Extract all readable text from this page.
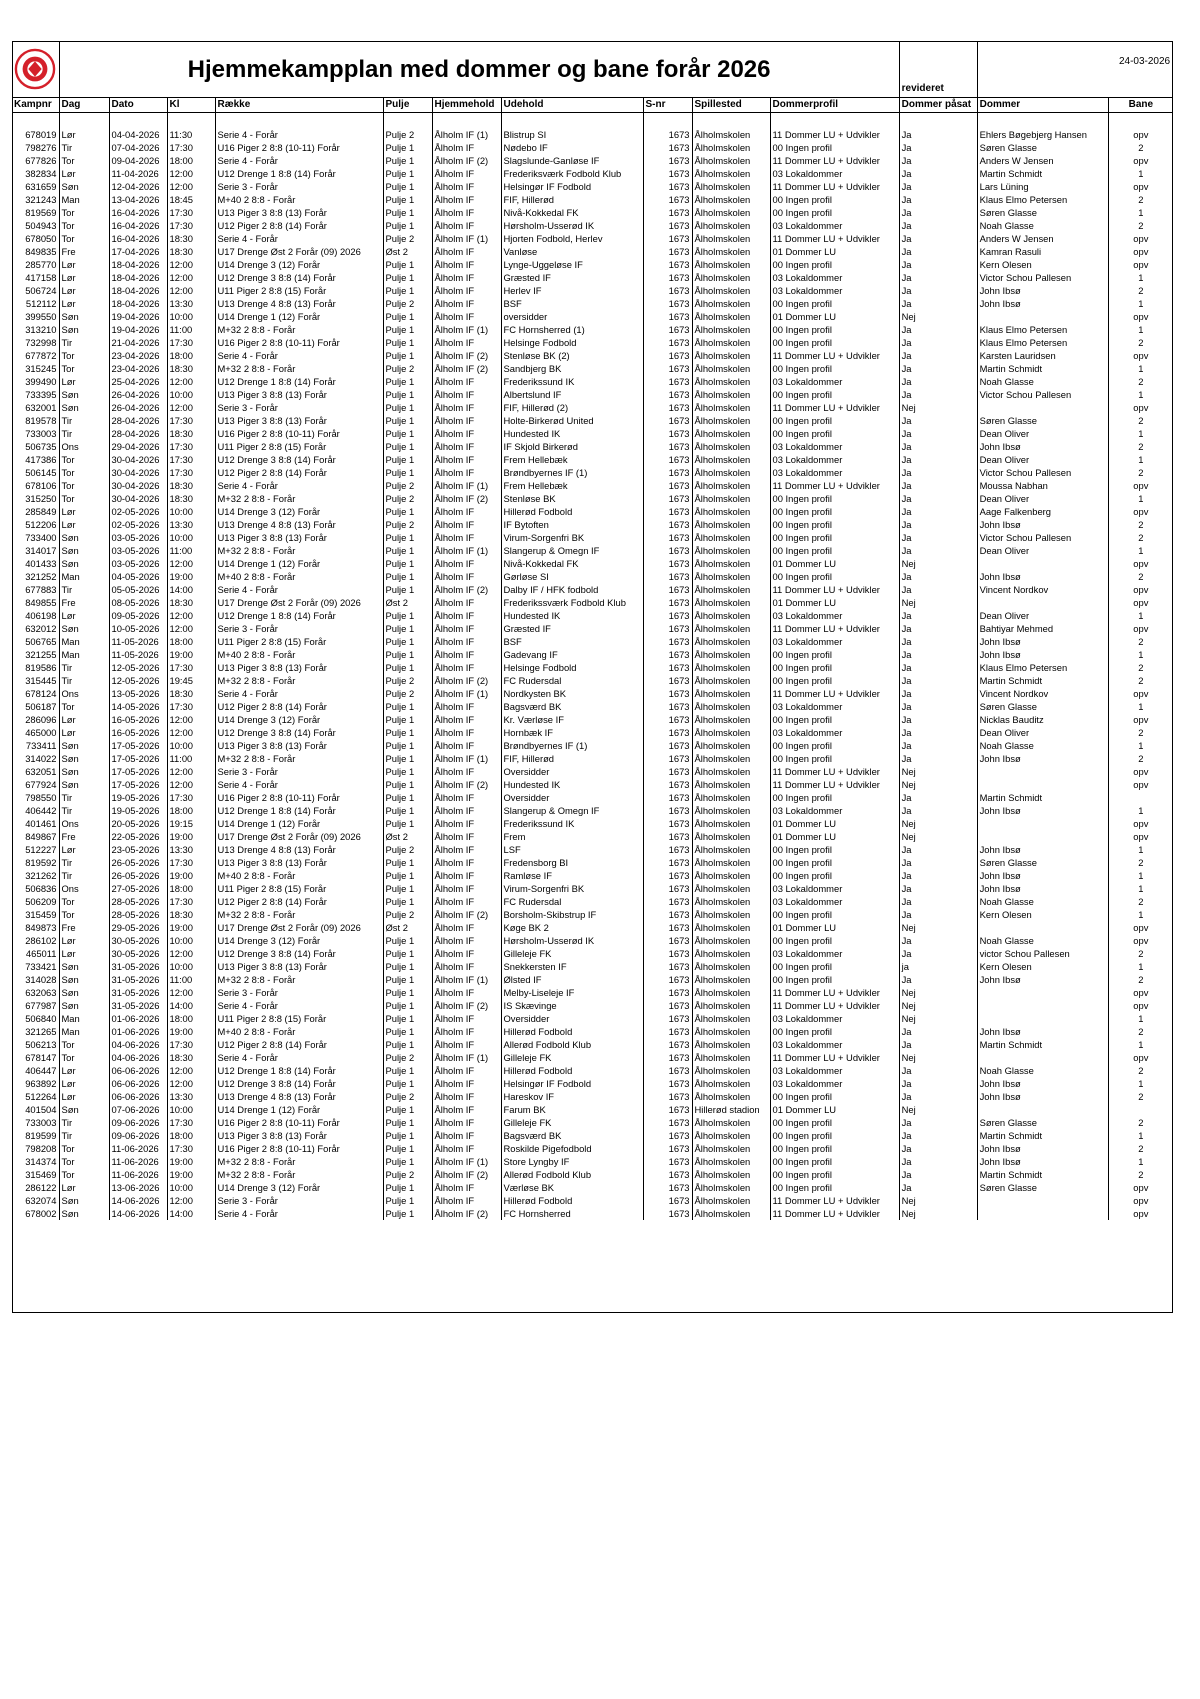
	Hjemmekampplan med dommer og bane forår 2026										revideret	24-03-2026	
Kampnr	Dag	Dato	Kl	Række	Pulje	Hjemmehold	Udehold	S-nr	Spillested	Dommerprofil	Dommer påsat	Dommer	Bane
678019	Lør	04-04-2026	11:30	Serie 4 - Forår	Pulje 2	Ålholm IF (1)	Blistrup SI	1673	Ålholmskolen	11 Dommer LU + Udvikler	Ja	Ehlers Bøgebjerg Hansen	opv
798276	Tir	07-04-2026	17:30	U16 Piger 2 8:8 (10-11) Forår	Pulje 1	Ålholm IF	Nødebo IF	1673	Ålholmskolen	00 Ingen profil	Ja	Søren Glasse	2
677826	Tor	09-04-2026	18:00	Serie 4 - Forår	Pulje 1	Ålholm IF (2)	Slagslunde-Ganløse IF	1673	Ålholmskolen	11 Dommer LU + Udvikler	Ja	Anders W Jensen	opv
382834	Lør	11-04-2026	12:00	U12 Drenge 1 8:8 (14) Forår	Pulje 1	Ålholm IF	Frederiksværk Fodbold Klub	1673	Ålholmskolen	03 Lokaldommer	Ja	Martin Schmidt	1
631659	Søn	12-04-2026	12:00	Serie 3 - Forår	Pulje 1	Ålholm IF	Helsingør IF Fodbold	1673	Ålholmskolen	11 Dommer LU + Udvikler	Ja	Lars Lüning	opv
321243	Man	13-04-2026	18:45	M+40 2 8:8 - Forår	Pulje 1	Ålholm IF	FIF, Hillerød	1673	Ålholmskolen	00 Ingen profil	Ja	Klaus Elmo Petersen	2
819569	Tor	16-04-2026	17:30	U13 Piger 3 8:8 (13) Forår	Pulje 1	Ålholm IF	Nivå-Kokkedal FK	1673	Ålholmskolen	00 Ingen profil	Ja	Søren Glasse	1
504943	Tor	16-04-2026	17:30	U12 Piger 2 8:8 (14) Forår	Pulje 1	Ålholm IF	Hørsholm-Usserød IK	1673	Ålholmskolen	03 Lokaldommer	Ja	Noah Glasse	2
678050	Tor	16-04-2026	18:30	Serie 4 - Forår	Pulje 2	Ålholm IF (1)	Hjorten Fodbold, Herlev	1673	Ålholmskolen	11 Dommer LU + Udvikler	Ja	Anders W Jensen	opv
849835	Fre	17-04-2026	18:30	U17 Drenge Øst 2 Forår (09) 2026	Øst 2	Ålholm IF	Vanløse	1673	Ålholmskolen	01 Dommer LU	Ja	Kamran Rasuli	opv
285770	Lør	18-04-2026	12:00	U14 Drenge 3 (12) Forår	Pulje 1	Ålholm IF	Lynge-Uggeløse IF	1673	Ålholmskolen	00 Ingen profil	Ja	Kern Olesen	opv
417158	Lør	18-04-2026	12:00	U12 Drenge 3 8:8 (14) Forår	Pulje 1	Ålholm IF	Græsted IF	1673	Ålholmskolen	03 Lokaldommer	Ja	Victor Schou Pallesen	1
506724	Lør	18-04-2026	12:00	U11 Piger 2 8:8 (15) Forår	Pulje 1	Ålholm IF	Herlev IF	1673	Ålholmskolen	03 Lokaldommer	Ja	John Ibsø	2
512112	Lør	18-04-2026	13:30	U13 Drenge 4 8:8 (13) Forår	Pulje 2	Ålholm IF	BSF	1673	Ålholmskolen	00 Ingen profil	Ja	John Ibsø	1
399550	Søn	19-04-2026	10:00	U14 Drenge 1 (12) Forår	Pulje 1	Ålholm IF	oversidder	1673	Ålholmskolen	01 Dommer LU	Nej		opv
313210	Søn	19-04-2026	11:00	M+32 2 8:8 - Forår	Pulje 1	Ålholm IF (1)	FC Hornsherred (1)	1673	Ålholmskolen	00 Ingen profil	Ja	Klaus Elmo Petersen	1
732998	Tir	21-04-2026	17:30	U16 Piger 2 8:8 (10-11) Forår	Pulje 1	Ålholm IF	Helsinge Fodbold	1673	Ålholmskolen	00 Ingen profil	Ja	Klaus Elmo Petersen	2
677872	Tor	23-04-2026	18:00	Serie 4 - Forår	Pulje 1	Ålholm IF (2)	Stenløse BK (2)	1673	Ålholmskolen	11 Dommer LU + Udvikler	Ja	Karsten Lauridsen	opv
315245	Tor	23-04-2026	18:30	M+32 2 8:8 - Forår	Pulje 2	Ålholm IF (2)	Sandbjerg BK	1673	Ålholmskolen	00 Ingen profil	Ja	Martin Schmidt	1
399490	Lør	25-04-2026	12:00	U12 Drenge 1 8:8 (14) Forår	Pulje 1	Ålholm IF	Frederikssund IK	1673	Ålholmskolen	03 Lokaldommer	Ja	Noah Glasse	2
733395	Søn	26-04-2026	10:00	U13 Piger 3 8:8 (13) Forår	Pulje 1	Ålholm IF	Albertslund IF	1673	Ålholmskolen	00 Ingen profil	Ja	Victor Schou Pallesen	1
632001	Søn	26-04-2026	12:00	Serie 3 - Forår	Pulje 1	Ålholm IF	FIF, Hillerød (2)	1673	Ålholmskolen	11 Dommer LU + Udvikler	Nej		opv
819578	Tir	28-04-2026	17:30	U13 Piger 3 8:8 (13) Forår	Pulje 1	Ålholm IF	Holte-Birkerød United	1673	Ålholmskolen	00 Ingen profil	Ja	Søren Glasse	2
733003	Tir	28-04-2026	18:30	U16 Piger 2 8:8 (10-11) Forår	Pulje 1	Ålholm IF	Hundested IK	1673	Ålholmskolen	00 Ingen profil	Ja	Dean Oliver	1
506735	Ons	29-04-2026	17:30	U11 Piger 2 8:8 (15) Forår	Pulje 1	Ålholm IF	IF Skjold Birkerød	1673	Ålholmskolen	03 Lokaldommer	Ja	John Ibsø	2
417386	Tor	30-04-2026	17:30	U12 Drenge 3 8:8 (14) Forår	Pulje 1	Ålholm IF	Frem Hellebæk	1673	Ålholmskolen	03 Lokaldommer	Ja	Dean Oliver	1
506145	Tor	30-04-2026	17:30	U12 Piger 2 8:8 (14) Forår	Pulje 1	Ålholm IF	Brøndbyernes IF (1)	1673	Ålholmskolen	03 Lokaldommer	Ja	Victor Schou Pallesen	2
678106	Tor	30-04-2026	18:30	Serie 4 - Forår	Pulje 2	Ålholm IF (1)	Frem Hellebæk	1673	Ålholmskolen	11 Dommer LU + Udvikler	Ja	Moussa Nabhan	opv
315250	Tor	30-04-2026	18:30	M+32 2 8:8 - Forår	Pulje 2	Ålholm IF (2)	Stenløse BK	1673	Ålholmskolen	00 Ingen profil	Ja	Dean Oliver	1
285849	Lør	02-05-2026	10:00	U14 Drenge 3 (12) Forår	Pulje 1	Ålholm IF	Hillerød Fodbold	1673	Ålholmskolen	00 Ingen profil	Ja	Aage Falkenberg	opv
512206	Lør	02-05-2026	13:30	U13 Drenge 4 8:8 (13) Forår	Pulje 2	Ålholm IF	IF Bytoften	1673	Ålholmskolen	00 Ingen profil	Ja	John Ibsø	2
733400	Søn	03-05-2026	10:00	U13 Piger 3 8:8 (13) Forår	Pulje 1	Ålholm IF	Virum-Sorgenfri BK	1673	Ålholmskolen	00 Ingen profil	Ja	Victor Schou Pallesen	2
314017	Søn	03-05-2026	11:00	M+32 2 8:8 - Forår	Pulje 1	Ålholm IF (1)	Slangerup & Omegn IF	1673	Ålholmskolen	00 Ingen profil	Ja	Dean Oliver	1
401433	Søn	03-05-2026	12:00	U14 Drenge 1 (12) Forår	Pulje 1	Ålholm IF	Nivå-Kokkedal FK	1673	Ålholmskolen	01 Dommer LU	Nej		opv
321252	Man	04-05-2026	19:00	M+40 2 8:8 - Forår	Pulje 1	Ålholm IF	Gørløse SI	1673	Ålholmskolen	00 Ingen profil	Ja	John Ibsø	2
677883	Tir	05-05-2026	14:00	Serie 4 - Forår	Pulje 1	Ålholm IF (2)	Dalby IF / HFK fodbold	1673	Ålholmskolen	11 Dommer LU + Udvikler	Ja	Vincent Nordkov	opv
849855	Fre	08-05-2026	18:30	U17 Drenge Øst 2 Forår (09) 2026	Øst 2	Ålholm IF	Frederikssværk Fodbold Klub	1673	Ålholmskolen	01 Dommer LU	Nej		opv
406198	Lør	09-05-2026	12:00	U12 Drenge 1 8:8 (14) Forår	Pulje 1	Ålholm IF	Hundested IK	1673	Ålholmskolen	03 Lokaldommer	Ja	Dean Oliver	1
632012	Søn	10-05-2026	12:00	Serie 3 - Forår	Pulje 1	Ålholm IF	Græsted IF	1673	Ålholmskolen	11 Dommer LU + Udvikler	Ja	Bahtiyar Mehmed	opv
506765	Man	11-05-2026	18:00	U11 Piger 2 8:8 (15) Forår	Pulje 1	Ålholm IF	BSF	1673	Ålholmskolen	03 Lokaldommer	Ja	John Ibsø	2
321255	Man	11-05-2026	19:00	M+40 2 8:8 - Forår	Pulje 1	Ålholm IF	Gadevang IF	1673	Ålholmskolen	00 Ingen profil	Ja	John Ibsø	1
819586	Tir	12-05-2026	17:30	U13 Piger 3 8:8 (13) Forår	Pulje 1	Ålholm IF	Helsinge Fodbold	1673	Ålholmskolen	00 Ingen profil	Ja	Klaus Elmo Petersen	2
315445	Tir	12-05-2026	19:45	M+32 2 8:8 - Forår	Pulje 2	Ålholm IF (2)	FC Rudersdal	1673	Ålholmskolen	00 Ingen profil	Ja	Martin Schmidt	2
678124	Ons	13-05-2026	18:30	Serie 4 - Forår	Pulje 2	Ålholm IF (1)	Nordkysten BK	1673	Ålholmskolen	11 Dommer LU + Udvikler	Ja	Vincent Nordkov	opv
506187	Tor	14-05-2026	17:30	U12 Piger 2 8:8 (14) Forår	Pulje 1	Ålholm IF	Bagsværd BK	1673	Ålholmskolen	03 Lokaldommer	Ja	Søren Glasse	1
286096	Lør	16-05-2026	12:00	U14 Drenge 3 (12) Forår	Pulje 1	Ålholm IF	Kr. Værløse IF	1673	Ålholmskolen	00 Ingen profil	Ja	Nicklas Bauditz	opv
465000	Lør	16-05-2026	12:00	U12 Drenge 3 8:8 (14) Forår	Pulje 1	Ålholm IF	Hornbæk IF	1673	Ålholmskolen	03 Lokaldommer	Ja	Dean Oliver	2
733411	Søn	17-05-2026	10:00	U13 Piger 3 8:8 (13) Forår	Pulje 1	Ålholm IF	Brøndbyernes IF (1)	1673	Ålholmskolen	00 Ingen profil	Ja	Noah Glasse	1
314022	Søn	17-05-2026	11:00	M+32 2 8:8 - Forår	Pulje 1	Ålholm IF (1)	FIF, Hillerød	1673	Ålholmskolen	00 Ingen profil	Ja	John Ibsø	2
632051	Søn	17-05-2026	12:00	Serie 3 - Forår	Pulje 1	Ålholm IF	Oversidder	1673	Ålholmskolen	11 Dommer LU + Udvikler	Nej		opv
677924	Søn	17-05-2026	12:00	Serie 4 - Forår	Pulje 1	Ålholm IF (2)	Hundested IK	1673	Ålholmskolen	11 Dommer LU + Udvikler	Nej		opv
798550	Tir	19-05-2026	17:30	U16 Piger 2 8:8 (10-11) Forår	Pulje 1	Ålholm IF	Oversidder	1673	Ålholmskolen	00 Ingen profil	Ja	Martin Schmidt	
406442	Tir	19-05-2026	18:00	U12 Drenge 1 8:8 (14) Forår	Pulje 1	Ålholm IF	Slangerup & Omegn IF	1673	Ålholmskolen	03 Lokaldommer	Ja	John Ibsø	1
401461	Ons	20-05-2026	19:15	U14 Drenge 1 (12) Forår	Pulje 1	Ålholm IF	Frederikssund IK	1673	Ålholmskolen	01 Dommer LU	Nej		opv
849867	Fre	22-05-2026	19:00	U17 Drenge Øst 2 Forår (09) 2026	Øst 2	Ålholm IF	Frem	1673	Ålholmskolen	01 Dommer LU	Nej		opv
512227	Lør	23-05-2026	13:30	U13 Drenge 4 8:8 (13) Forår	Pulje 2	Ålholm IF	LSF	1673	Ålholmskolen	00 Ingen profil	Ja	John Ibsø	1
819592	Tir	26-05-2026	17:30	U13 Piger 3 8:8 (13) Forår	Pulje 1	Ålholm IF	Fredensborg BI	1673	Ålholmskolen	00 Ingen profil	Ja	Søren Glasse	2
321262	Tir	26-05-2026	19:00	M+40 2 8:8 - Forår	Pulje 1	Ålholm IF	Ramløse IF	1673	Ålholmskolen	00 Ingen profil	Ja	John Ibsø	1
506836	Ons	27-05-2026	18:00	U11 Piger 2 8:8 (15) Forår	Pulje 1	Ålholm IF	Virum-Sorgenfri BK	1673	Ålholmskolen	03 Lokaldommer	Ja	John Ibsø	1
506209	Tor	28-05-2026	17:30	U12 Piger 2 8:8 (14) Forår	Pulje 1	Ålholm IF	FC Rudersdal	1673	Ålholmskolen	03 Lokaldommer	Ja	Noah Glasse	2
315459	Tor	28-05-2026	18:30	M+32 2 8:8 - Forår	Pulje 2	Ålholm IF (2)	Borsholm-Skibstrup IF	1673	Ålholmskolen	00 Ingen profil	Ja	Kern Olesen	1
849873	Fre	29-05-2026	19:00	U17 Drenge Øst 2 Forår (09) 2026	Øst 2	Ålholm IF	Køge BK 2	1673	Ålholmskolen	01 Dommer LU	Nej		opv
286102	Lør	30-05-2026	10:00	U14 Drenge 3 (12) Forår	Pulje 1	Ålholm IF	Hørsholm-Usserød IK	1673	Ålholmskolen	00 Ingen profil	Ja	Noah Glasse	opv
465011	Lør	30-05-2026	12:00	U12 Drenge 3 8:8 (14) Forår	Pulje 1	Ålholm IF	Gilleleje FK	1673	Ålholmskolen	03 Lokaldommer	Ja	victor Schou Pallesen	2
733421	Søn	31-05-2026	10:00	U13 Piger 3 8:8 (13) Forår	Pulje 1	Ålholm IF	Snekkersten IF	1673	Ålholmskolen	00 Ingen profil	ja	Kern Olesen	1
314028	Søn	31-05-2026	11:00	M+32 2 8:8 - Forår	Pulje 1	Ålholm IF (1)	Ølsted IF	1673	Ålholmskolen	00 Ingen profil	Ja	John Ibsø	2
632063	Søn	31-05-2026	12:00	Serie 3 - Forår	Pulje 1	Ålholm IF	Melby-Liseleje IF	1673	Ålholmskolen	11 Dommer LU + Udvikler	Nej		opv
677987	Søn	31-05-2026	14:00	Serie 4 - Forår	Pulje 1	Ålholm IF (2)	IS Skævinge	1673	Ålholmskolen	11 Dommer LU + Udvikler	Nej		opv
506840	Man	01-06-2026	18:00	U11 Piger 2 8:8 (15) Forår	Pulje 1	Ålholm IF	Oversidder	1673	Ålholmskolen	03 Lokaldommer	Nej		1
321265	Man	01-06-2026	19:00	M+40 2 8:8 - Forår	Pulje 1	Ålholm IF	Hillerød Fodbold	1673	Ålholmskolen	00 Ingen profil	Ja	John Ibsø	2
506213	Tor	04-06-2026	17:30	U12 Piger 2 8:8 (14) Forår	Pulje 1	Ålholm IF	Allerød Fodbold Klub	1673	Ålholmskolen	03 Lokaldommer	Ja	Martin Schmidt	1
678147	Tor	04-06-2026	18:30	Serie 4 - Forår	Pulje 2	Ålholm IF (1)	Gilleleje FK	1673	Ålholmskolen	11 Dommer LU + Udvikler	Nej		opv
406447	Lør	06-06-2026	12:00	U12 Drenge 1 8:8 (14) Forår	Pulje 1	Ålholm IF	Hillerød Fodbold	1673	Ålholmskolen	03 Lokaldommer	Ja	Noah Glasse	2
963892	Lør	06-06-2026	12:00	U12 Drenge 3 8:8 (14) Forår	Pulje 1	Ålholm IF	Helsingør IF Fodbold	1673	Ålholmskolen	03 Lokaldommer	Ja	John Ibsø	1
512264	Lør	06-06-2026	13:30	U13 Drenge 4 8:8 (13) Forår	Pulje 2	Ålholm IF	Hareskov IF	1673	Ålholmskolen	00 Ingen profil	Ja	John Ibsø	2
401504	Søn	07-06-2026	10:00	U14 Drenge 1 (12) Forår	Pulje 1	Ålholm IF	Farum BK	1673	Hillerød stadion	01 Dommer LU	Nej		
733003	Tir	09-06-2026	17:30	U16 Piger 2 8:8 (10-11) Forår	Pulje 1	Ålholm IF	Gilleleje FK	1673	Ålholmskolen	00 Ingen profil	Ja	Søren Glasse	2
819599	Tir	09-06-2026	18:00	U13 Piger 3 8:8 (13) Forår	Pulje 1	Ålholm IF	Bagsværd BK	1673	Ålholmskolen	00 Ingen profil	Ja	Martin Schmidt	1
798208	Tor	11-06-2026	17:30	U16 Piger 2 8:8 (10-11) Forår	Pulje 1	Ålholm IF	Roskilde Pigefodbold	1673	Ålholmskolen	00 Ingen profil	Ja	John Ibsø	2
314374	Tor	11-06-2026	19:00	M+32 2 8:8 - Forår	Pulje 1	Ålholm IF (1)	Store Lyngby IF	1673	Ålholmskolen	00 Ingen profil	Ja	John Ibsø	1
315469	Tor	11-06-2026	19:00	M+32 2 8:8 - Forår	Pulje 2	Ålholm IF (2)	Allerød Fodbold Klub	1673	Ålholmskolen	00 Ingen profil	Ja	Martin Schmidt	2
286122	Lør	13-06-2026	10:00	U14 Drenge 3 (12) Forår	Pulje 1	Ålholm IF	Værløse BK	1673	Ålholmskolen	00 Ingen profil	Ja	Søren Glasse	opv
632074	Søn	14-06-2026	12:00	Serie 3 - Forår	Pulje 1	Ålholm IF	Hillerød Fodbold	1673	Ålholmskolen	11 Dommer LU + Udvikler	Nej		opv
678002	Søn	14-06-2026	14:00	Serie 4 - Forår	Pulje 1	Ålholm IF (2)	FC Hornsherred	1673	Ålholmskolen	11 Dommer LU + Udvikler	Nej		opv
